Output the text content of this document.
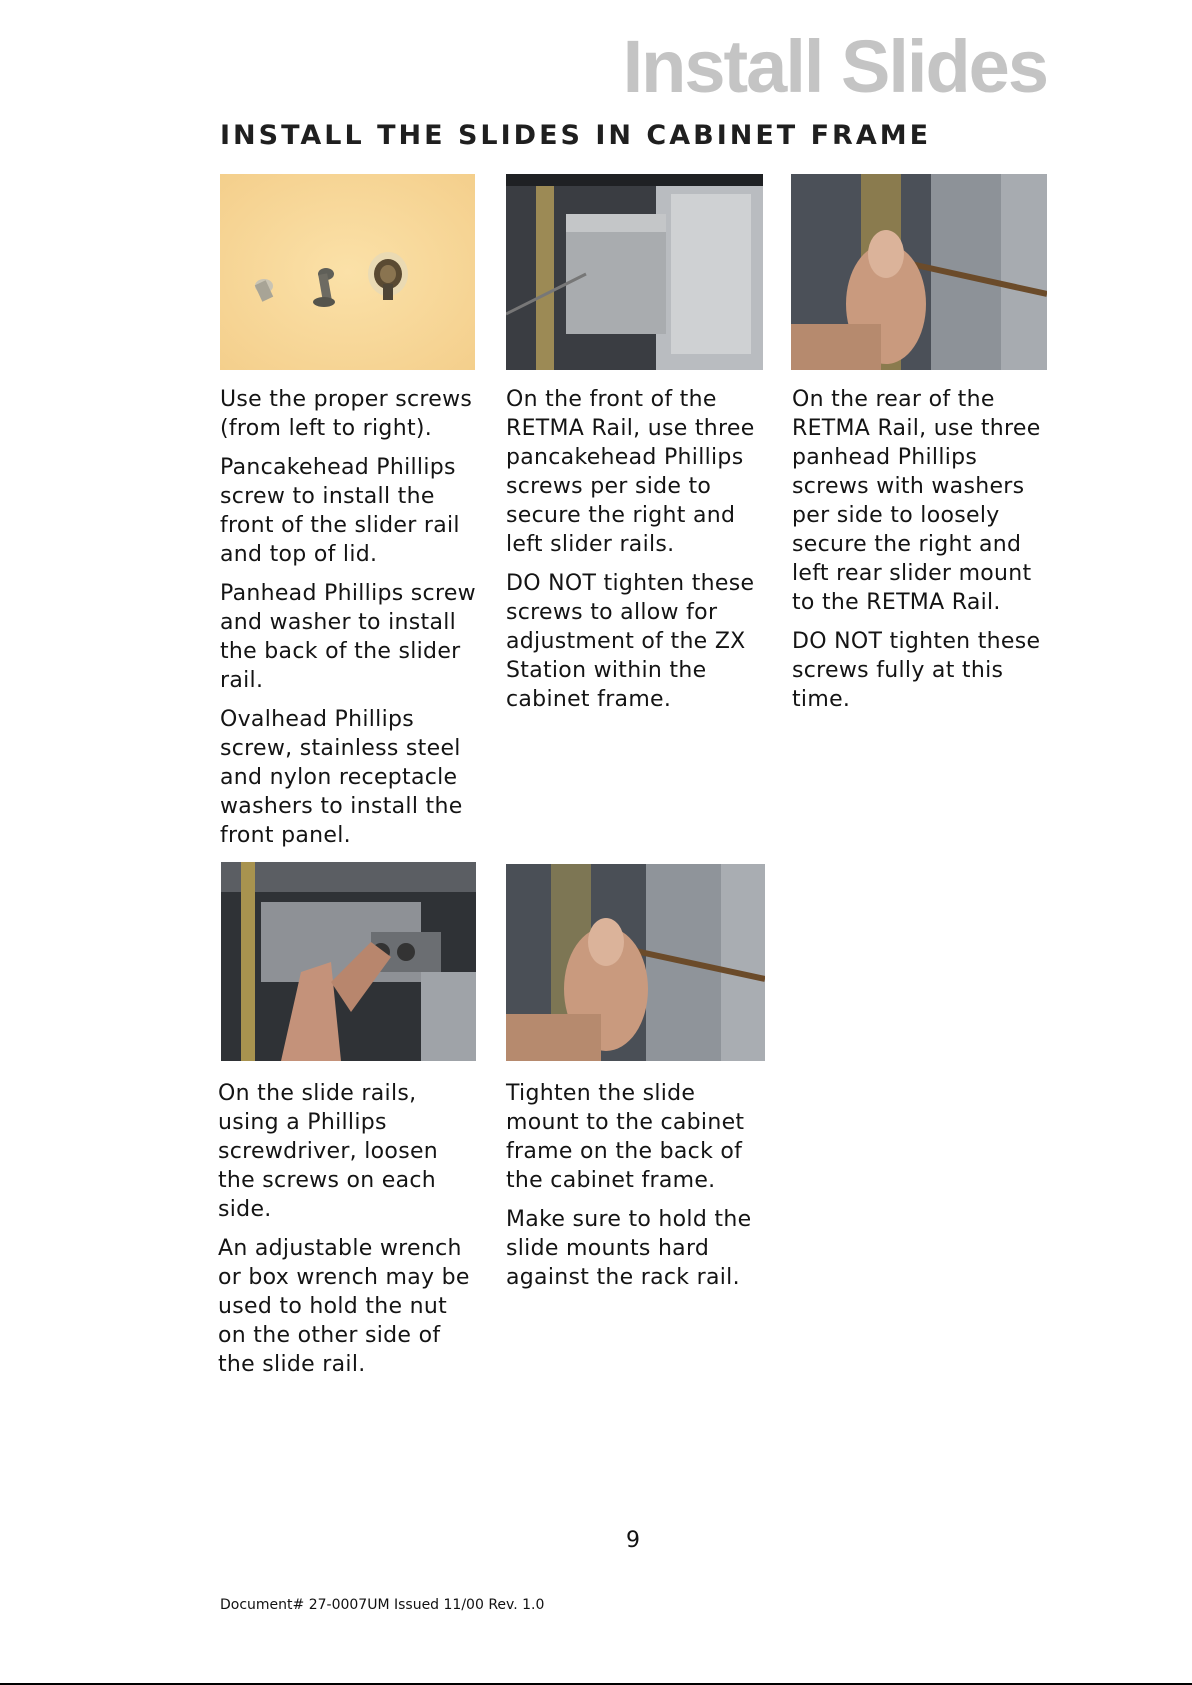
Install Slides
INSTALL THE SLIDES IN CABINET FRAME

Use the proper screws (from left to right).

Pancakehead Phillips screw to install the front of the slider rail and top of lid.

Panhead Phillips screw and washer to install the back of the slider rail.

Ovalhead Phillips screw, stainless steel and nylon receptacle washers to install the front panel.

On the front of the RETMA Rail, use three pancakehead Phillips screws per side to secure the right and left slider rails.

DO NOT tighten these screws to allow for adjustment of the ZX Station within the cabinet frame.

On the rear of the RETMA Rail, use three panhead Phillips screws with washers per side to loosely secure the right and left rear slider mount to the RETMA Rail.

DO NOT tighten these screws fully at this time.

On the slide rails, using a Phillips screwdriver, loosen the screws on each side.

An adjustable wrench or box wrench may be used to hold the nut on the other side of the slide rail.

Tighten the slide mount to the cabinet frame on the back of the cabinet frame.

Make sure to hold the slide mounts hard against the rack rail.

9
Document# 27-0007UM Issued 11/00 Rev. 1.0
